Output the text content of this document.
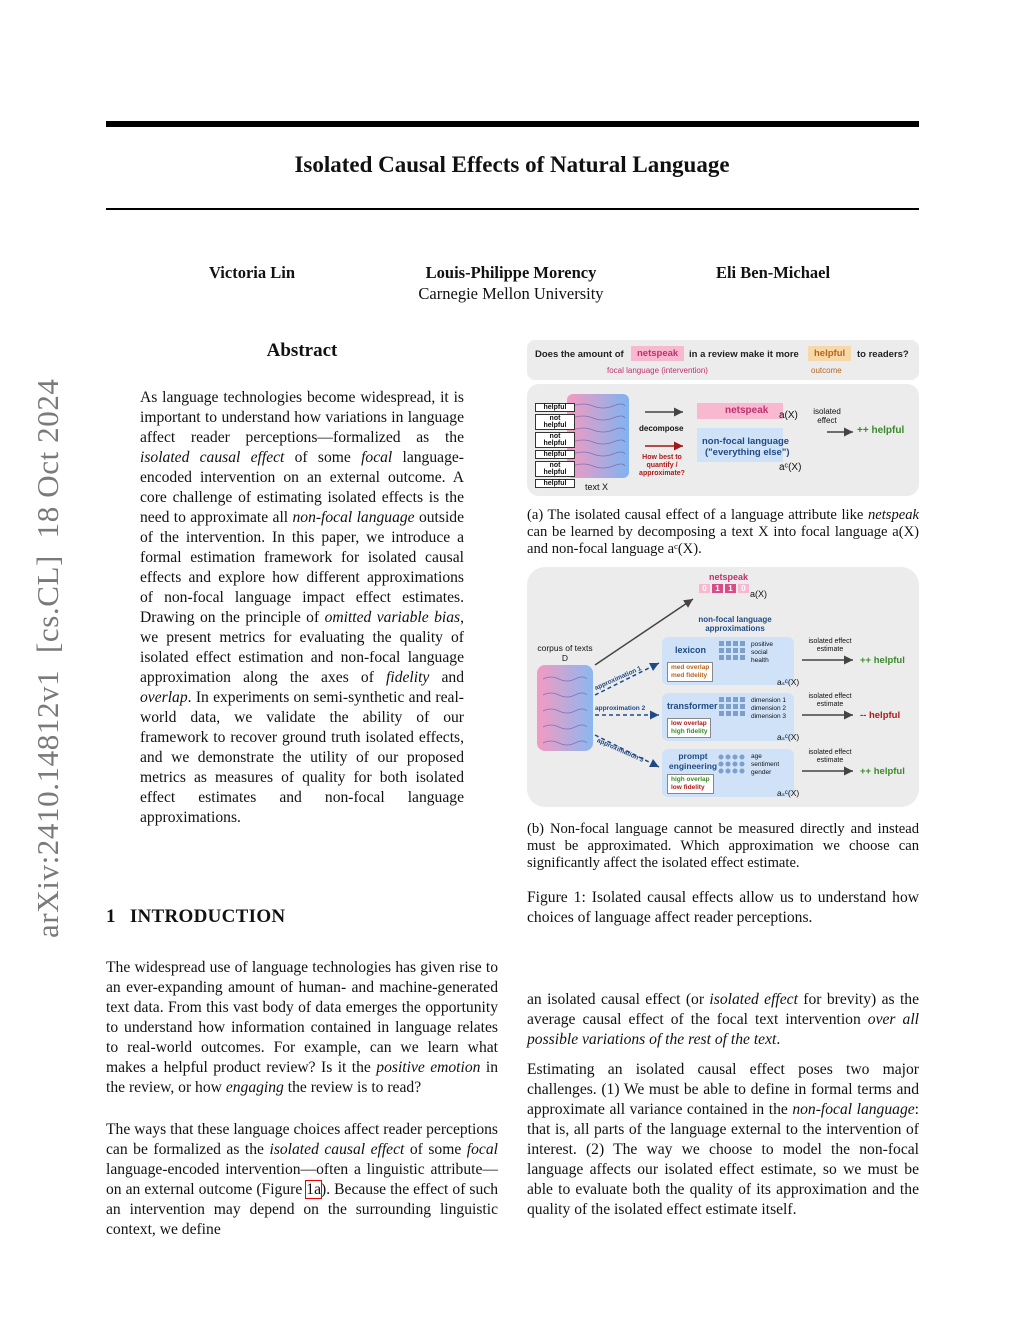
Isolated Causal Effects of Natural Language
Victoria Lin	Louis-Philippe Morency
Carnegie Mellon University
Eli Ben-Michael
arXiv:2410.14812v1  [cs.CL]  18 Oct 2024
Abstract
As language technologies become widespread, it is important to understand how variations in language affect reader perceptions—formalized as the isolated causal effect of some focal language-encoded intervention on an external outcome. A core challenge of estimating isolated effects is the need to approximate all non-focal language outside of the intervention. In this paper, we introduce a formal estimation framework for isolated causal effects and explore how different approximations of non-focal language impact effect estimates. Drawing on the principle of omitted variable bias, we present metrics for evaluating the quality of isolated effect estimation and non-focal language approximation along the axes of fidelity and overlap. In experiments on semi-synthetic and real-world data, we validate the ability of our framework to recover ground truth isolated effects, and we demonstrate the utility of our proposed metrics as measures of quality for both isolated effect estimates and non-focal language approximations.
1 INTRODUCTION

The widespread use of language technologies has given rise to an ever-expanding amount of human- and machine-generated text data. From this vast body of data emerges the opportunity to understand how information contained in language relates to real-world outcomes. For example, can we learn what makes a helpful product review? Is it the positive emotion in the review, or how engaging the review is to read?

The ways that these language choices affect reader perceptions can be formalized as the isolated causal effect of some focal language-encoded intervention—often a linguistic attribute—on an external outcome (Figure 1a). Because the effect of such an intervention may depend on the surrounding linguistic context, we define

an isolated causal effect (or isolated effect for brevity) as the average causal effect of the focal text intervention over all possible variations of the rest of the text.

Estimating an isolated causal effect poses two major challenges. (1) We must be able to define in formal terms and approximate all variance contained in the non-focal language: that is, all parts of the language external to the intervention of interest. (2) The way we choose to model the non-focal language affects our isolated effect estimate, so we must be able to evaluate both the quality of its approximation and the quality of the isolated effect estimate itself.

Does the amount of	netspeak	in a review make it more	helpful	to readers?
focal language (intervention)	outcome
helpful
not helpful
not helpful
helpful
not helpful
helpful	text X
decompose
How best to quantify / approximate?
netspeak a(X)
non-focal language
("everything else")
aᶜ(X)
isolated effect
++ helpful
(a) The isolated causal effect of a language attribute like netspeak can be learned by decomposing a text X into focal language a(X) and non-focal language aᶜ(X).
netspeak
0	1	1	0
a(X)
non-focal language approximations
corpus of texts D
approximation 1
approximation 2
approximation 3
lexicon
med overlap
med fidelity
positive
social
health
aₛᶜ(X)
transformer
low overlap
high fidelity
dimension 1
dimension 2
dimension 3
aₛᶜ(X)
prompt engineering
high overlap
low fidelity
age
sentiment
gender
aₛᶜ(X)
isolated effect estimate
++ helpful
isolated effect estimate
-- helpful
isolated effect estimate
++ helpful
(b) Non-focal language cannot be measured directly and instead must be approximated. Which approximation we choose can significantly affect the isolated effect estimate.
Figure 1: Isolated causal effects allow us to understand how choices of language affect reader perceptions.
